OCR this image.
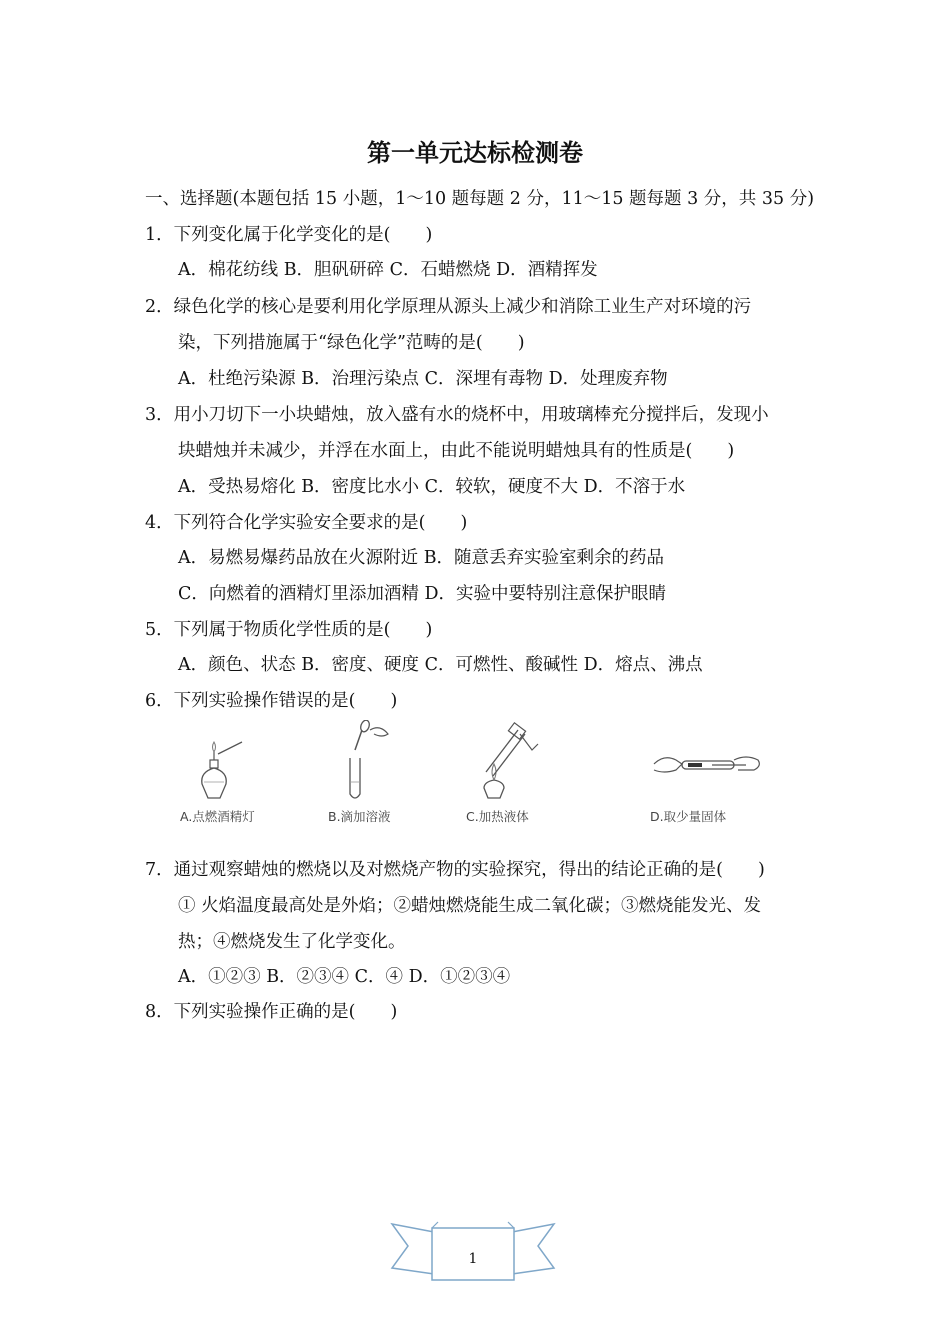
第一单元达标检测卷
一、选择题(本题包括 15 小题，1～10 题每题 2 分，11～15 题每题 3 分，共 35 分)
1．下列变化属于化学变化的是(　　)
A．棉花纺线 B．胆矾研碎 C．石蜡燃烧 D．酒精挥发
2．绿色化学的核心是要利用化学原理从源头上减少和消除工业生产对环境的污
染，下列措施属于“绿色化学”范畴的是(　　)
A．杜绝污染源 B．治理污染点 C．深埋有毒物 D．处理废弃物
3．用小刀切下一小块蜡烛，放入盛有水的烧杯中，用玻璃棒充分搅拌后，发现小
块蜡烛并未减少，并浮在水面上，由此不能说明蜡烛具有的性质是(　　)
A．受热易熔化 B．密度比水小 C．较软，硬度不大 D．不溶于水
4．下列符合化学实验安全要求的是(　　)
A．易燃易爆药品放在火源附近 B．随意丢弃实验室剩余的药品
C．向燃着的酒精灯里添加酒精 D．实验中要特别注意保护眼睛
5．下列属于物质化学性质的是(　　)
A．颜色、状态 B．密度、硬度 C．可燃性、酸碱性 D．熔点、沸点
6．下列实验操作错误的是(　　)
A.点燃酒精灯	B.滴加溶液	C.加热液体	D.取少量固体
7．通过观察蜡烛的燃烧以及对燃烧产物的实验探究，得出的结论正确的是(　　)
① 火焰温度最高处是外焰；②蜡烛燃烧能生成二氧化碳；③燃烧能发光、发
热；④燃烧发生了化学变化。
A．①②③ B．②③④ C．④ D．①②③④
8．下列实验操作正确的是(　　)
1
